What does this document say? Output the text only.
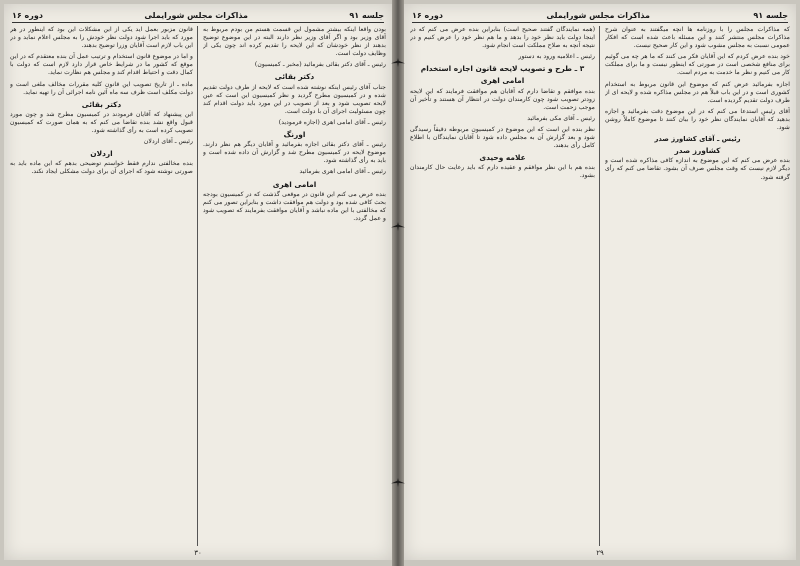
جلسه ۹۱
مذاکرات مجلس شورایملی
دوره ۱۶

بودن واقعاً اینکه بیشتر مشمول این قسمت هستم من بودم مربوط به آقای وزیر بود و اگر آقای وزیر نظر دارند البته در این موضوع توضیح بدهند از نظر خودشان که این لایحه را تقدیم کرده اند چون یکی از وظایف دولت است.

رئیس ـ آقای دکتر بقائی بفرمائید (مخبر ـ کمیسیون)

دکتر بقائی

جناب آقای رئیس اینکه نوشته شده است که لایحه از طرف دولت تقدیم شده و در کمیسیون مطرح گردید و نظر کمیسیون این است که عین لایحه تصویب شود و بعد از تصویب در این مورد باید دولت اقدام کند چون مسئولیت اجرای آن با دولت است.

رئیس ـ آقای امامی اهری (اجازه فرمودید)

اورنگ

رئیس ـ آقای دکتر بقائی اجازه بفرمائید و آقایان دیگر هم نظر دارند. موضوع لایحه در کمیسیون مطرح شد و گزارش آن داده شده است و باید به رأی گذاشته شود.

رئیس ـ آقای امامی اهری بفرمائید

امامی اهری

بنده عرض می کنم این قانون در موقعی گذشت که در کمیسیون بودجه بحث کافی شده بود و دولت هم موافقت داشت و بنابراین تصور می کنم که مخالفتی با این ماده نباشد و آقایان موافقت بفرمایند که تصویب شود و عمل گردد.

قانون مزبور بعمل آید یکی از این مشکلات این بود که اینطور در هر مورد که باید اجرا شود دولت نظر خودش را به مجلس اعلام نماید و در این باب لازم است آقایان وزرا توضیح بدهند.

و اما در موضوع قانون استخدام و ترتیب عمل آن بنده معتقدم که در این موقع که کشور ما در شرایط خاص قرار دارد لازم است که دولت با کمال دقت و احتیاط اقدام کند و مجلس هم نظارت نماید.

ماده ـ از تاریخ تصویب این قانون کلیه مقررات مخالف ملغی است و دولت مکلف است ظرف سه ماه آئین نامه اجرائی آن را تهیه نماید.

دکتر بقائی

این پیشنهاد که آقایان فرمودند در کمیسیون مطرح شد و چون مورد قبول واقع نشد بنده تقاضا می کنم که به همان صورت که کمیسیون تصویب کرده است به رأی گذاشته شود.

رئیس ـ آقای اردلان

اردلان

بنده مخالفتی ندارم فقط خواستم توضیحی بدهم که این ماده باید به صورتی نوشته شود که اجرای آن برای دولت مشکلی ایجاد نکند.

۳۰
جلسه ۹۱
مذاکرات مجلس شورایملی
دوره ۱۶

که مذاکرات مجلس را با روزنامه ها آنچه میگفتند به عنوان شرح مذاکرات مجلس منتشر کنند و این مسئله باعث شده است که افکار عمومی نسبت به مجلس مشوب شود و این کار صحیح نیست.

خود بنده عرض کردم که این آقایان فکر می کنند که ما هر چه می گوئیم برای منافع شخصی است در صورتی که اینطور نیست و ما برای مملکت کار می کنیم و نظر ما خدمت به مردم است.

اجازه بفرمائید عرض کنم که موضوع این قانون مربوط به استخدام کشوری است و در این باب قبلاً هم در مجلس مذاکره شده و لایحه ای از طرف دولت تقدیم گردیده است.

آقای رئیس استدعا می کنم که در این موضوع دقت بفرمائید و اجازه بدهید که آقایان نمایندگان نظر خود را بیان کنند تا موضوع کاملاً روشن شود.

رئیس ـ آقای کشاورز صدر
کشاورز صدر

بنده عرض می کنم که این موضوع به اندازه کافی مذاکره شده است و دیگر لازم نیست که وقت مجلس صرف آن بشود. تقاضا می کنم که رأی گرفته شود.

(همه نمایندگان گفتند صحیح است) بنابراین بنده عرض می کنم که در اینجا دولت باید نظر خود را بدهد و ما هم نظر خود را عرض کنیم و در نتیجه آنچه به صلاح مملکت است انجام شود.

رئیس ـ اعلامیه ورود به دستور

۳ ـ طرح و تصویب لایحه قانون اجازه استخدام
امامی اهری

بنده موافقم و تقاضا دارم که آقایان هم موافقت فرمایند که این لایحه زودتر تصویب شود چون کارمندان دولت در انتظار آن هستند و تأخیر آن موجب زحمت است.

رئیس ـ آقای مکی بفرمائید

نظر بنده این است که این موضوع در کمیسیون مربوطه دقیقاً رسیدگی شود و بعد گزارش آن به مجلس داده شود تا آقایان نمایندگان با اطلاع کامل رأی بدهند.

علامه وحیدی

بنده هم با این نظر موافقم و عقیده دارم که باید رعایت حال کارمندان بشود.

۲۹
